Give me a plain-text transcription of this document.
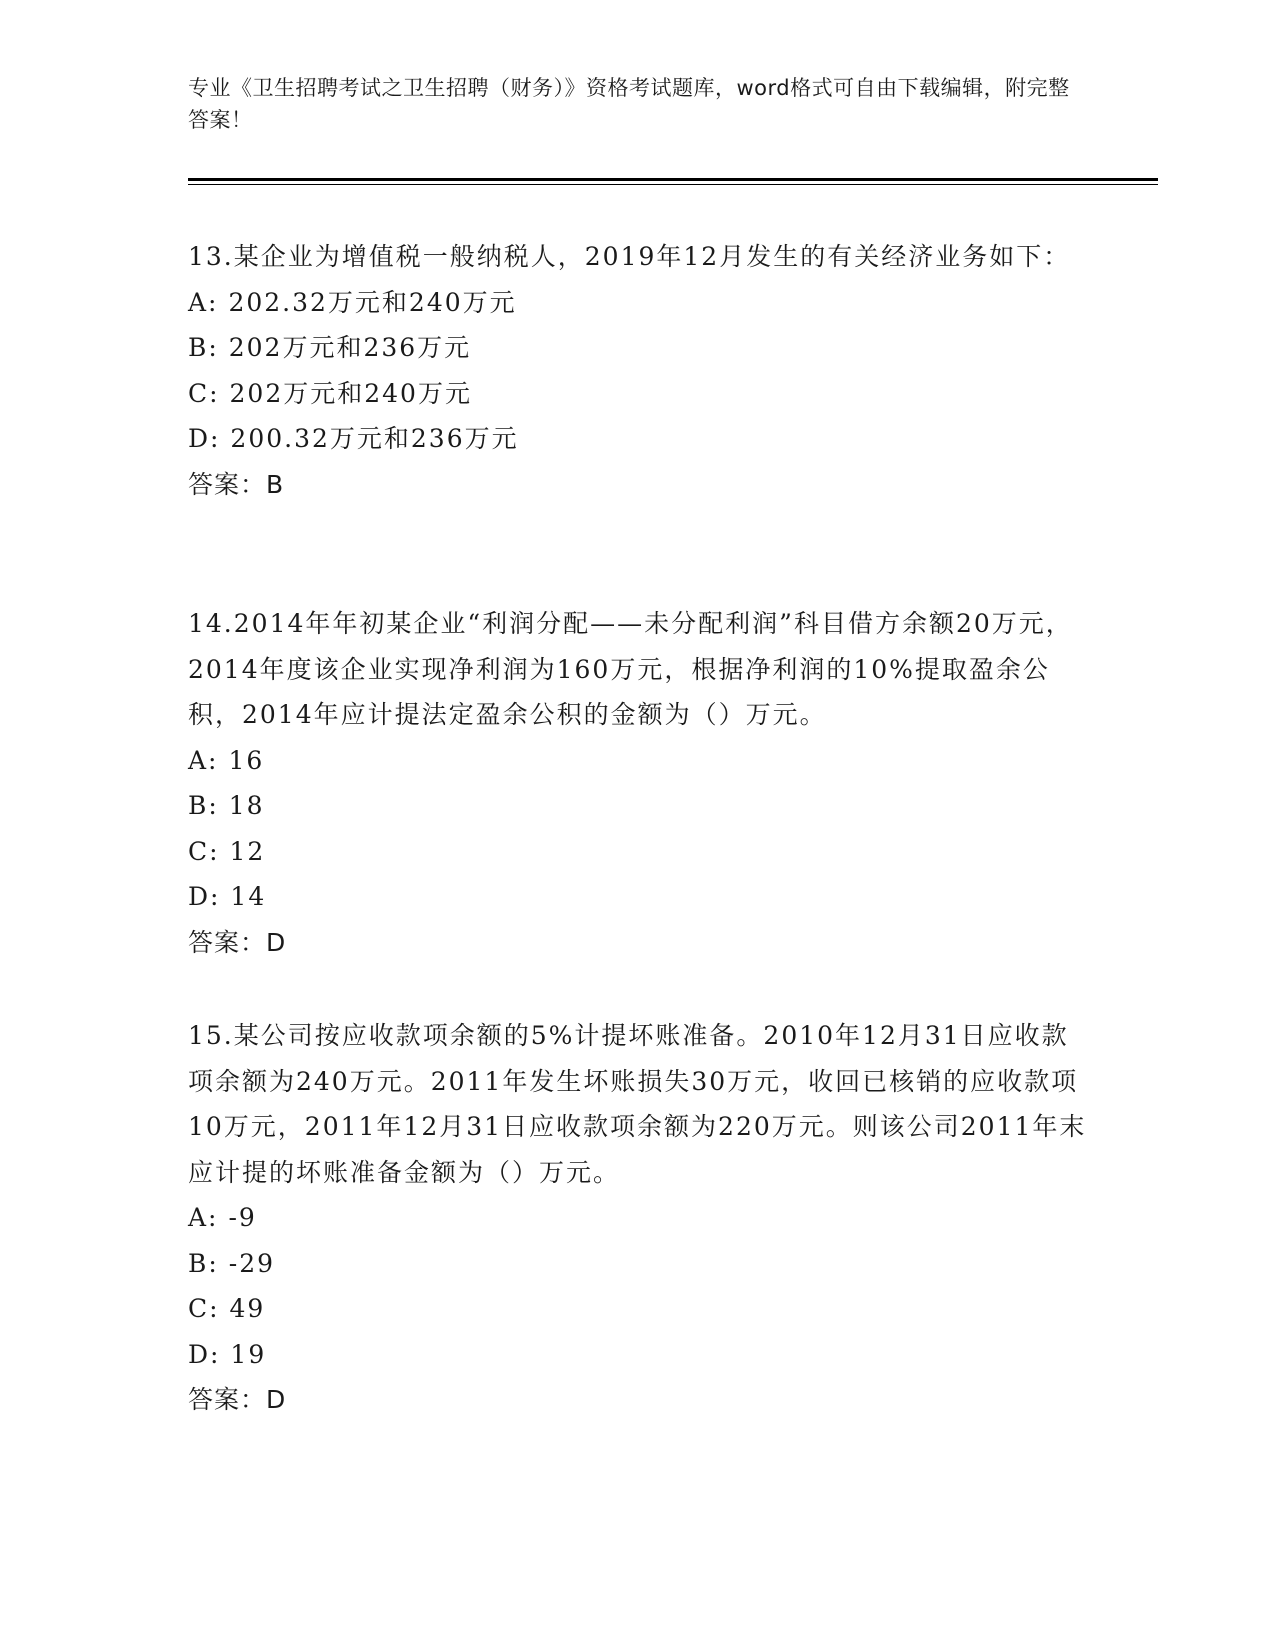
专业《卫生招聘考试之卫生招聘（财务）》资格考试题库，word格式可自由下载编辑，附完整答案！
13.某企业为增值税一般纳税人，2019年12月发生的有关经济业务如下：
A: 202.32万元和240万元
B: 202万元和236万元
C: 202万元和240万元
D: 200.32万元和236万元
答案：B
14.2014年年初某企业“利润分配——未分配利润”科目借方余额20万元，2014年度该企业实现净利润为160万元，根据净利润的10%提取盈余公积，2014年应计提法定盈余公积的金额为（）万元。
A: 16
B: 18
C: 12
D: 14
答案：D
15.某公司按应收款项余额的5%计提坏账准备。2010年12月31日应收款项余额为240万元。2011年发生坏账损失30万元，收回已核销的应收款项10万元，2011年12月31日应收款项余额为220万元。则该公司2011年末应计提的坏账准备金额为（）万元。
A: -9
B: -29
C: 49
D: 19
答案：D
